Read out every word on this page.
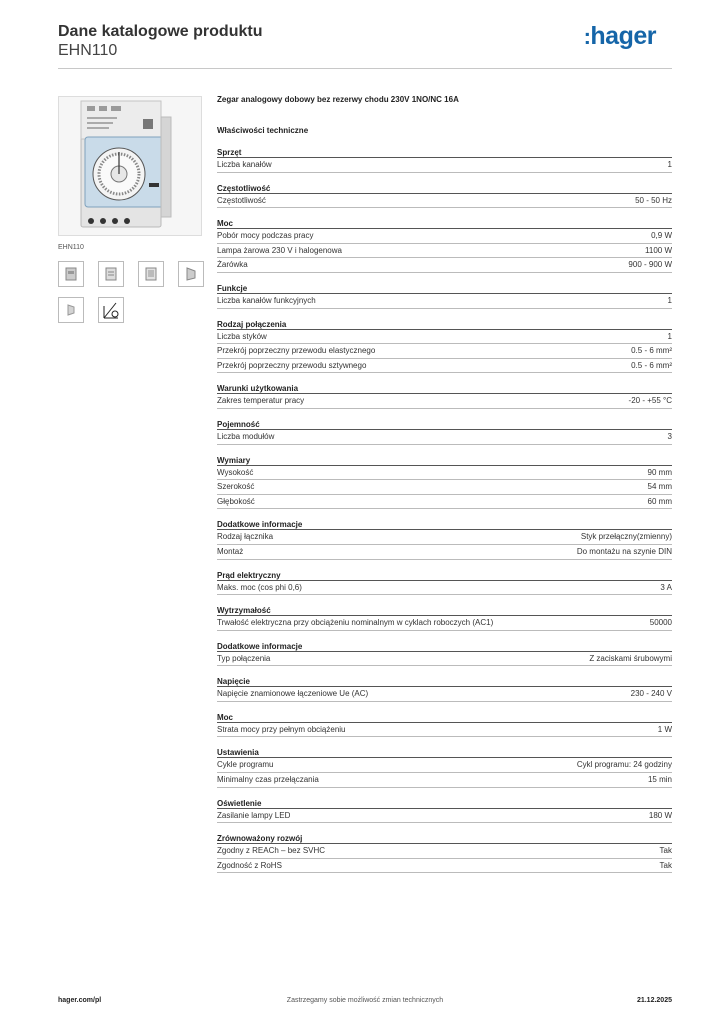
Dane katalogowe produktu
EHN110
:hager
EHN110
Zegar analogowy dobowy bez rezerwy chodu 230V 1NO/NC 16A
Właściwości techniczne
Sprzęt
Liczba kanałów	1
Częstotliwość
Częstotliwość	50 - 50 Hz
Moc
Pobór mocy podczas pracy	0,9 W
Lampa żarowa 230 V i halogenowa	1100 W
Żarówka	900 - 900 W
Funkcje
Liczba kanałów funkcyjnych	1
Rodzaj połączenia
Liczba styków	1
Przekrój poprzeczny przewodu elastycznego	0.5 - 6 mm²
Przekrój poprzeczny przewodu sztywnego	0.5 - 6 mm²
Warunki użytkowania
Zakres temperatur pracy	-20 - +55 °C
Pojemność
Liczba modułów	3
Wymiary
Wysokość	90 mm
Szerokość	54 mm
Głębokość	60 mm
Dodatkowe informacje
Rodzaj łącznika	Styk przełączny(zmienny)
Montaż	Do montażu na szynie DIN
Prąd elektryczny
Maks. moc (cos phi 0,6)	3 A
Wytrzymałość
Trwałość elektryczna przy obciążeniu nominalnym w cyklach roboczych (AC1)	50000
Dodatkowe informacje
Typ połączenia	Z zaciskami śrubowymi
Napięcie
Napięcie znamionowe łączeniowe Ue (AC)	230 - 240 V
Moc
Strata mocy przy pełnym obciążeniu	1 W
Ustawienia
Cykle programu	Cykl programu: 24 godziny
Minimalny czas przełączania	15 min
Oświetlenie
Zasilanie lampy LED	180 W
Zrównoważony rozwój
Zgodny z REACh – bez SVHC	Tak
Zgodność z RoHS	Tak
hager.com/pl	Zastrzegamy sobie możliwość zmian technicznych	21.12.2025
